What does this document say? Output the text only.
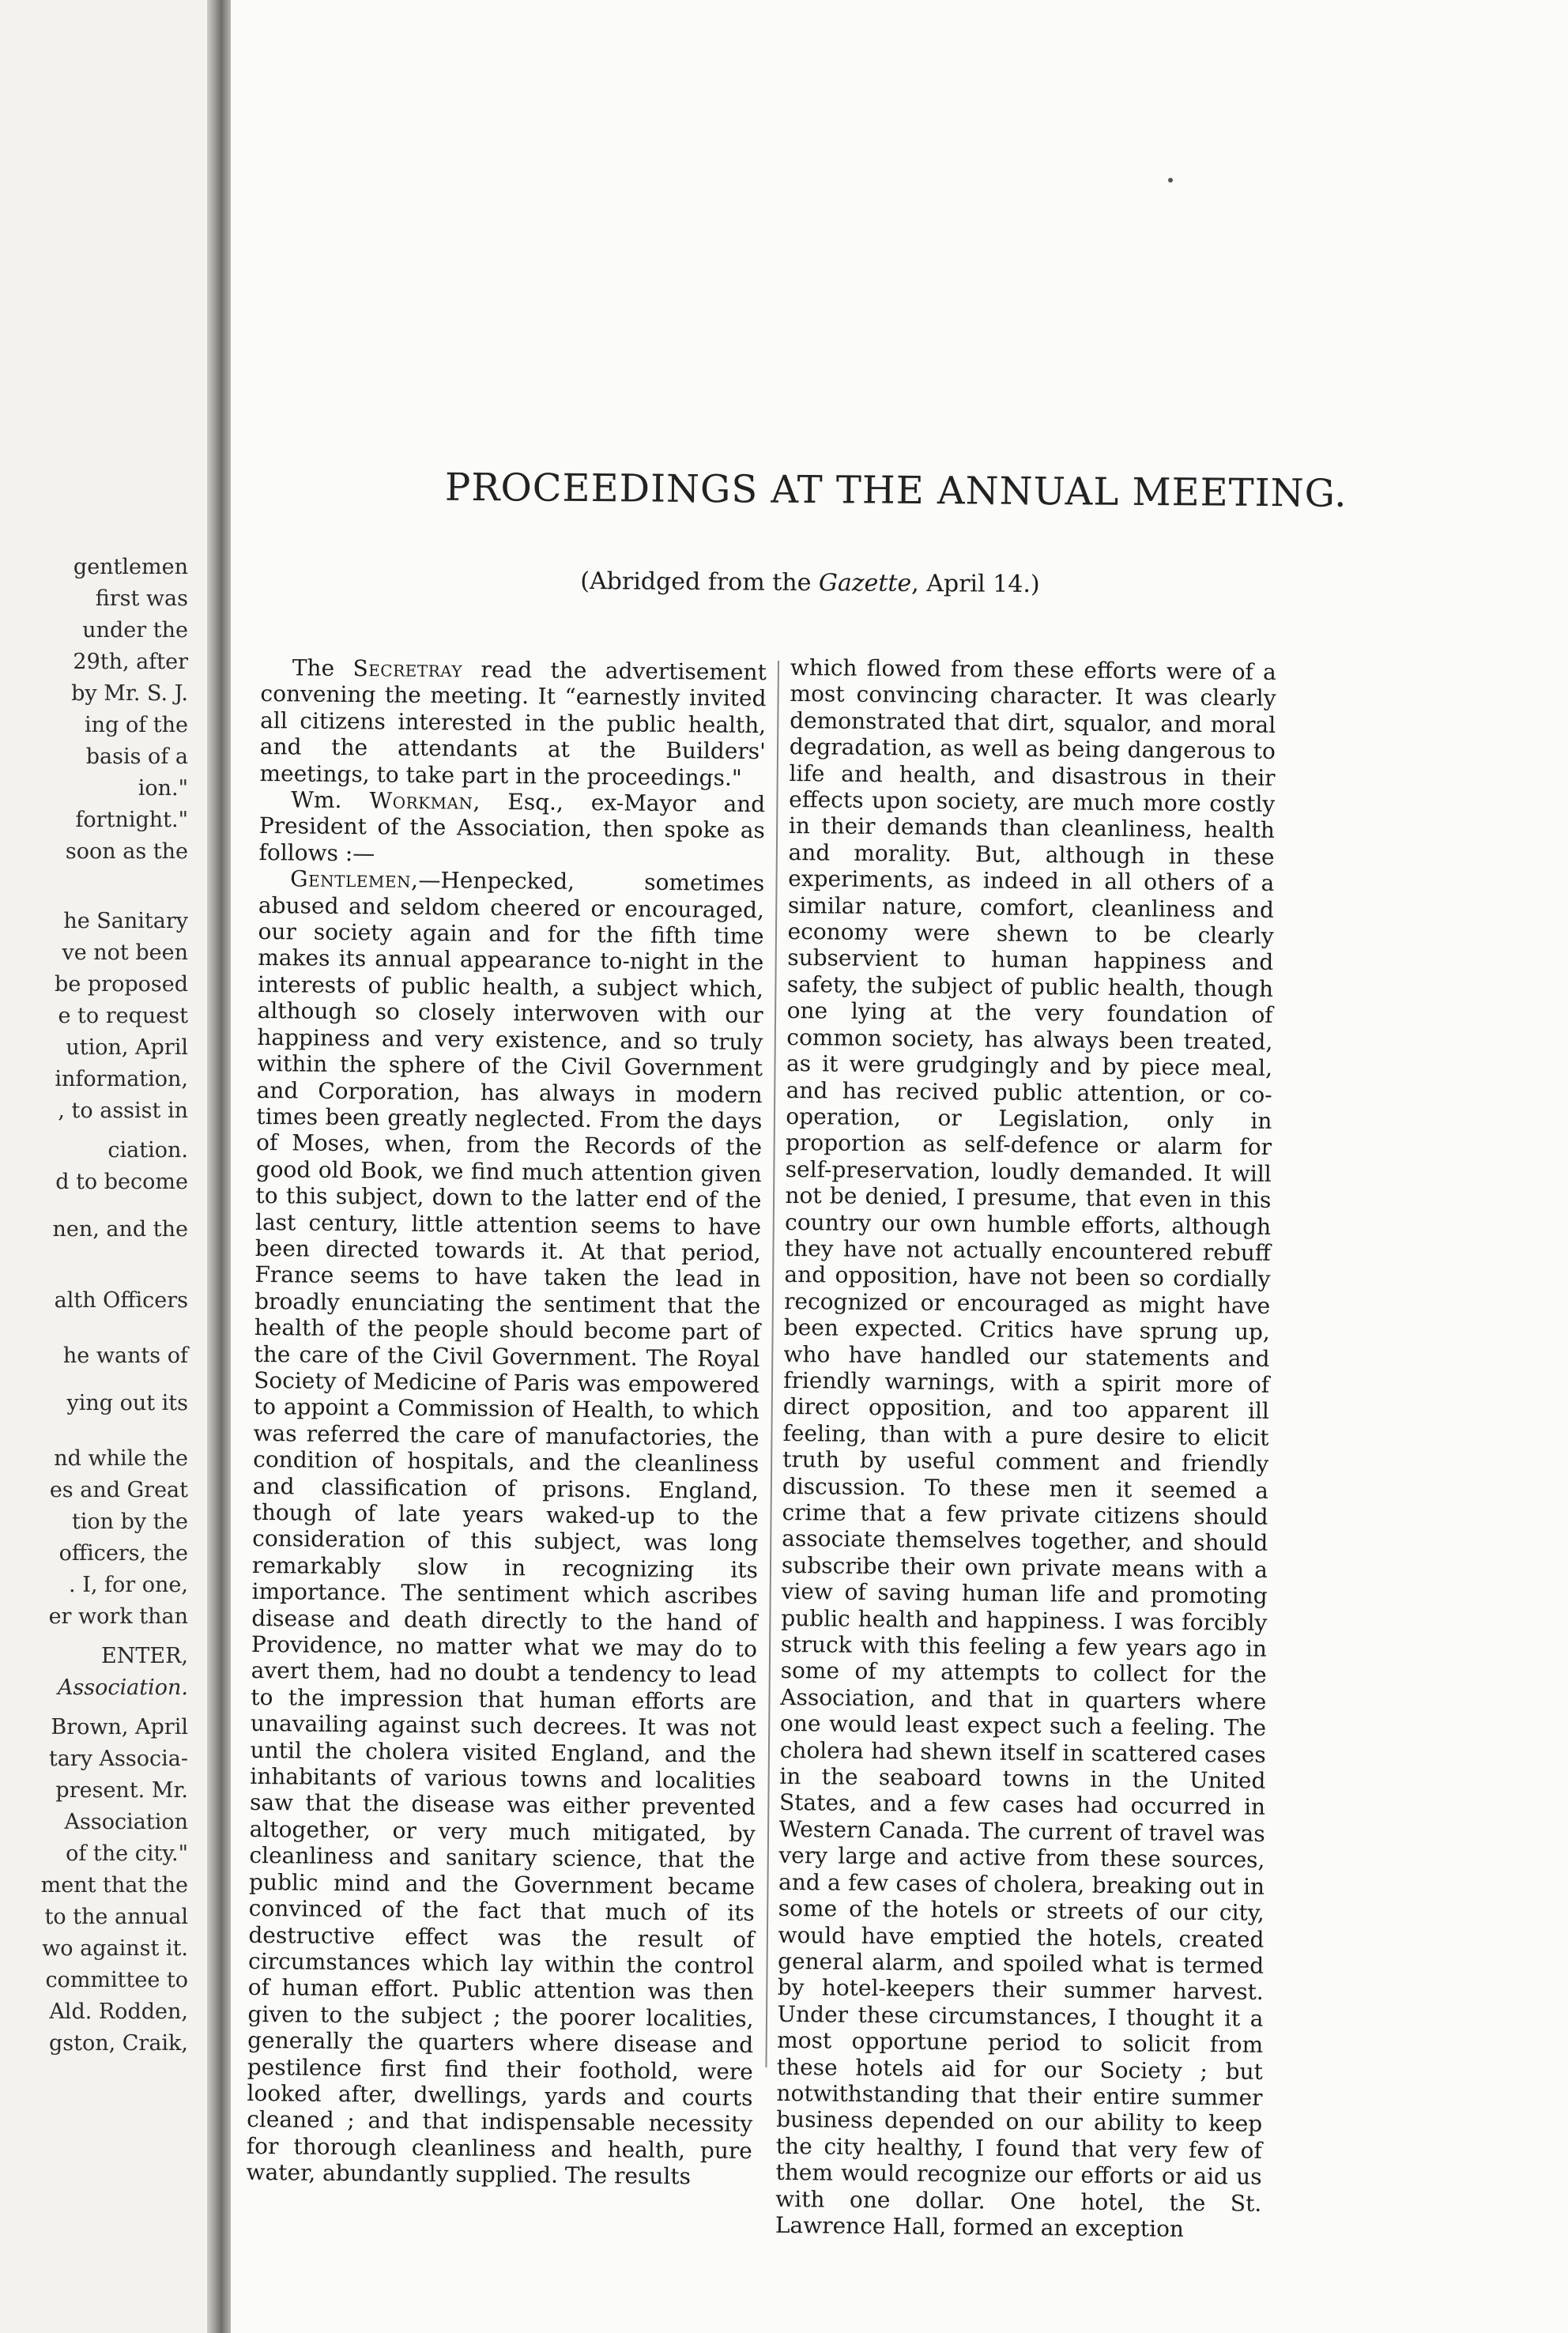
gentlemen
first was
under the
29th, after
by Mr. S. J.
ing of the
basis of a
ion."
fortnight."
soon as the
he Sanitary
ve not been
be proposed
e to request
ution, April
information,
, to assist in
ciation.
d to become
nen, and the
alth Officers
he wants of
ying out its
nd while the
es and Great
tion by the
officers, the
. I, for one,
er work than
ENTER,
Association.
Brown, April
tary Associa-
present. Mr.
Association
of the city."
ment that the
to the annual
wo against it.
committee to
Ald. Rodden,
gston, Craik,
PROCEEDINGS AT THE ANNUAL MEETING.
(Abridged from the Gazette, April 14.)

The Secretray read the advertisement convening the meeting. It “earnestly invited all citizens interested in the public health, and the attendants at the Builders' meetings, to take part in the proceedings."

Wm. Workman, Esq., ex-Mayor and President of the Association, then spoke as follows :—

Gentlemen,—Henpecked, sometimes abused and seldom cheered or encouraged, our society again and for the fifth time makes its annual appearance to-night in the interests of public health, a subject which, although so closely interwoven with our happiness and very existence, and so truly within the sphere of the Civil Government and Corporation, has always in modern times been greatly neglected. From the days of Moses, when, from the Records of the good old Book, we find much attention given to this subject, down to the latter end of the last century, little attention seems to have been directed towards it. At that period, France seems to have taken the lead in broadly enunciating the sentiment that the health of the people should become part of the care of the Civil Government. The Royal Society of Medicine of Paris was empowered to appoint a Commission of Health, to which was referred the care of manufactories, the condition of hospitals, and the cleanliness and classification of prisons. England, though of late years waked-up to the consideration of this subject, was long remarkably slow in recognizing its importance. The sentiment which ascribes disease and death directly to the hand of Providence, no matter what we may do to avert them, had no doubt a tendency to lead to the impression that human efforts are unavailing against such decrees. It was not until the cholera visited England, and the inhabitants of various towns and localities saw that the disease was either prevented altogether, or very much mitigated, by cleanliness and sanitary science, that the public mind and the Government became convinced of the fact that much of its destructive effect was the result of circumstances which lay within the control of human effort. Public attention was then given to the subject ; the poorer localities, generally the quarters where disease and pestilence first find their foothold, were looked after, dwellings, yards and courts cleaned ; and that indispensable necessity for thorough cleanliness and health, pure water, abundantly supplied. The results

which flowed from these efforts were of a most convincing character. It was clearly demonstrated that dirt, squalor, and moral degradation, as well as being dangerous to life and health, and disastrous in their effects upon society, are much more costly in their demands than cleanliness, health and morality. But, although in these experiments, as indeed in all others of a similar nature, comfort, cleanliness and economy were shewn to be clearly subservient to human happiness and safety, the subject of public health, though one lying at the very foundation of common society, has always been treated, as it were grudgingly and by piece meal, and has recived public attention, or co-operation, or Legislation, only in proportion as self-defence or alarm for self-preservation, loudly demanded. It will not be denied, I presume, that even in this country our own humble efforts, although they have not actually encountered rebuff and opposition, have not been so cordially recognized or encouraged as might have been expected. Critics have sprung up, who have handled our statements and friendly warnings, with a spirit more of direct opposition, and too apparent ill feeling, than with a pure desire to elicit truth by useful comment and friendly discussion. To these men it seemed a crime that a few private citizens should associate themselves together, and should subscribe their own private means with a view of saving human life and promoting public health and happiness. I was forcibly struck with this feeling a few years ago in some of my attempts to collect for the Association, and that in quarters where one would least expect such a feeling. The cholera had shewn itself in scattered cases in the seaboard towns in the United States, and a few cases had occurred in Western Canada. The current of travel was very large and active from these sources, and a few cases of cholera, breaking out in some of the hotels or streets of our city, would have emptied the hotels, created general alarm, and spoiled what is termed by hotel-keepers their summer harvest. Under these circumstances, I thought it a most opportune period to solicit from these hotels aid for our Society ; but notwithstanding that their entire summer business depended on our ability to keep the city healthy, I found that very few of them would recognize our efforts or aid us with one dollar. One hotel, the St. Lawrence Hall, formed an exception
